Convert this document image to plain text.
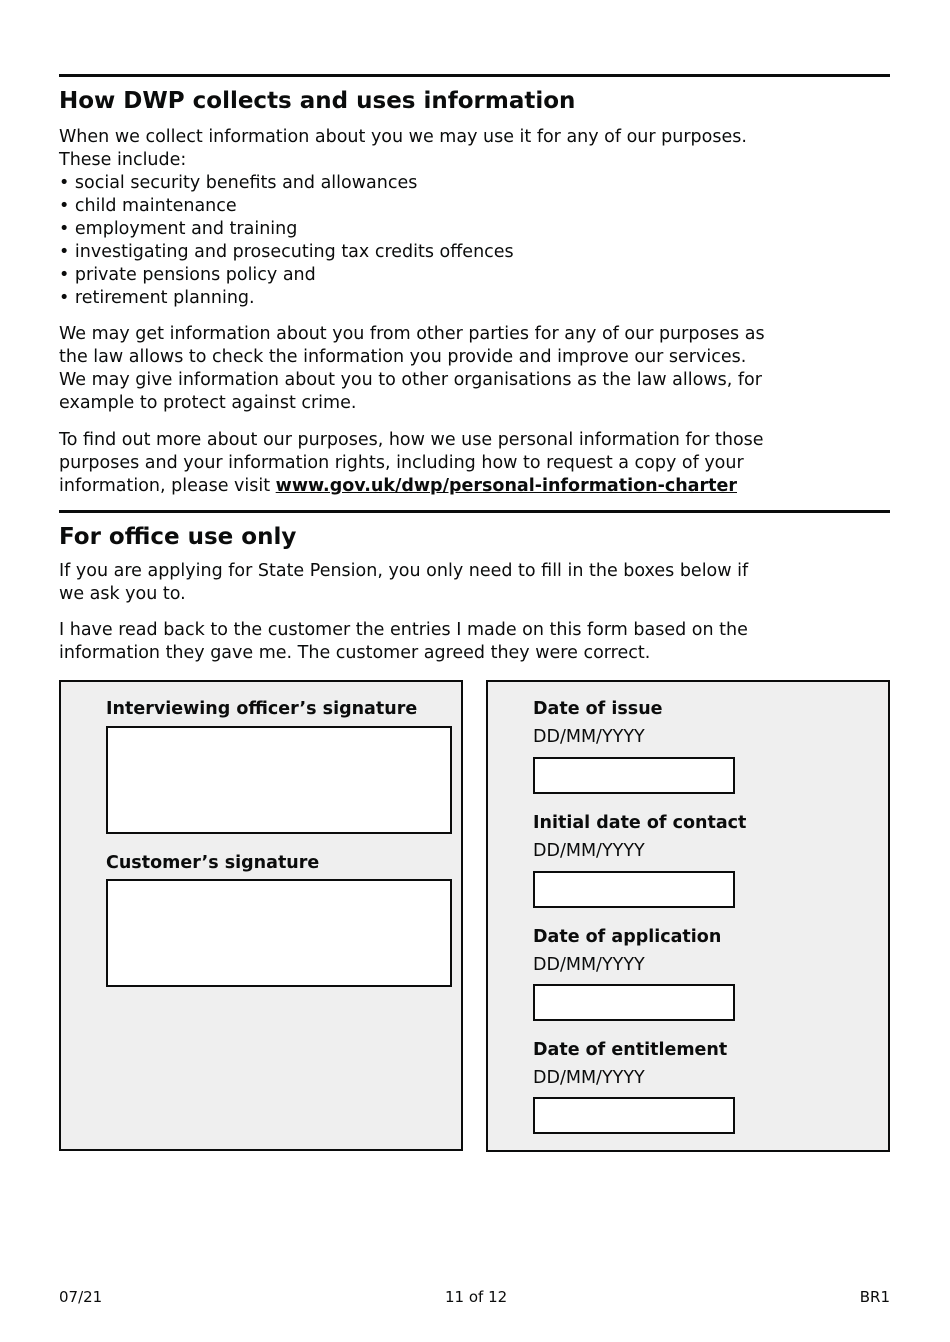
How DWP collects and uses information

When we collect information about you we may use it for any of our purposes.
These include:

• social security benefits and allowances
• child maintenance
• employment and training
• investigating and prosecuting tax credits offences
• private pensions policy and
• retirement planning.

We may get information about you from other parties for any of our purposes as
the law allows to check the information you provide and improve our services.
We may give information about you to other organisations as the law allows, for
example to protect against crime.

To find out more about our purposes, how we use personal information for those
purposes and your information rights, including how to request a copy of your
information, please visit www.gov.uk/dwp/personal-information-charter

For office use only

If you are applying for State Pension, you only need to fill in the boxes below if
we ask you to.

I have read back to the customer the entries I made on this form based on the
information they gave me. The customer agreed they were correct.

Interviewing officer’s signature
Customer’s signature
Date of issue
DD/MM/YYYY
Initial date of contact
DD/MM/YYYY
Date of application
DD/MM/YYYY
Date of entitlement
DD/MM/YYYY
07/21	11 of 12	BR1
